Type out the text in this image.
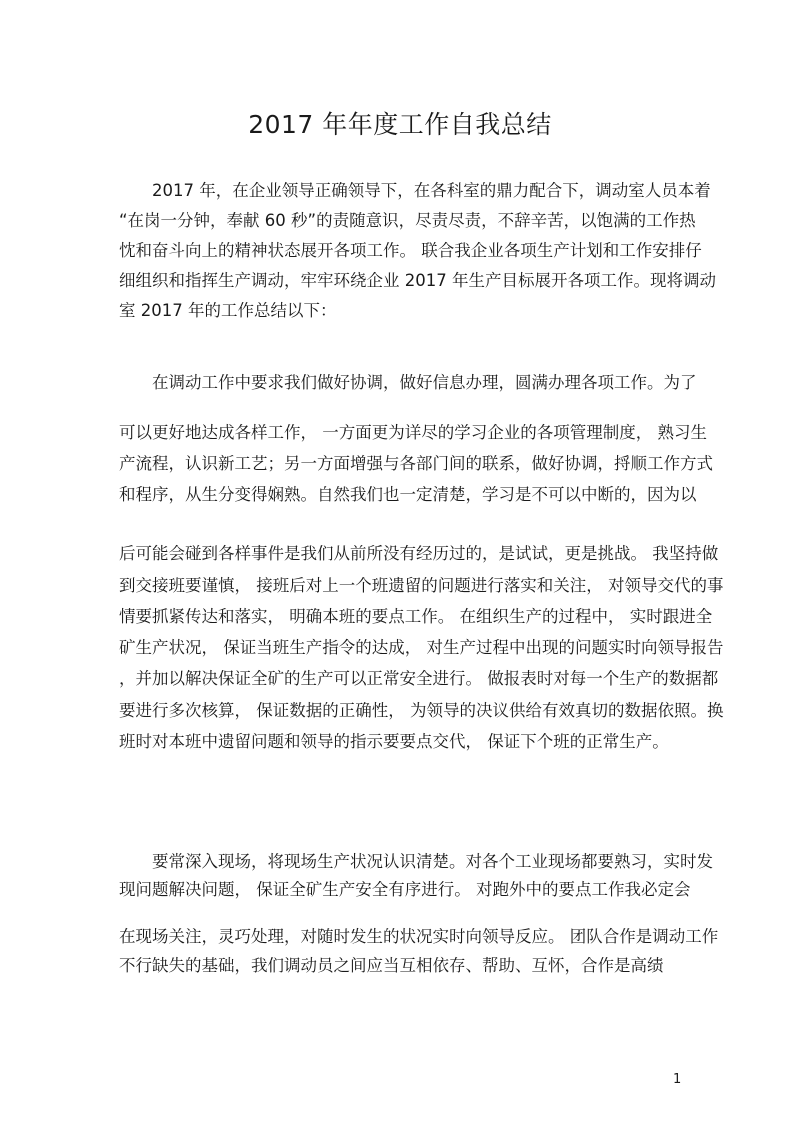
2017 年年度工作自我总结
2017 年，在企业领导正确领导下，在各科室的鼎力配合下，调动室人员本着
“在岗一分钟，奉献 60 秒”的责随意识，尽责尽责，不辞辛苦，以饱满的工作热
忱和奋斗向上的精神状态展开各项工作。 联合我企业各项生产计划和工作安排仔
细组织和指挥生产调动，牢牢环绕企业 2017 年生产目标展开各项工作。现将调动
室 2017 年的工作总结以下：
在调动工作中要求我们做好协调，做好信息办理，圆满办理各项工作。为了
可以更好地达成各样工作， 一方面更为详尽的学习企业的各项管理制度， 熟习生
产流程，认识新工艺；另一方面增强与各部门间的联系，做好协调，捋顺工作方式
和程序，从生分变得娴熟。自然我们也一定清楚，学习是不可以中断的，因为以
后可能会碰到各样事件是我们从前所没有经历过的，是试试，更是挑战。 我坚持做
到交接班要谨慎， 接班后对上一个班遗留的问题进行落实和关注， 对领导交代的事
情要抓紧传达和落实， 明确本班的要点工作。 在组织生产的过程中， 实时跟进全
矿生产状况， 保证当班生产指令的达成， 对生产过程中出现的问题实时向领导报告
，并加以解决保证全矿的生产可以正常安全进行。 做报表时对每一个生产的数据都
要进行多次核算， 保证数据的正确性， 为领导的决议供给有效真切的数据依照。换
班时对本班中遗留问题和领导的指示要要点交代， 保证下个班的正常生产。
要常深入现场，将现场生产状况认识清楚。对各个工业现场都要熟习，实时发
现问题解决问题， 保证全矿生产安全有序进行。 对跑外中的要点工作我必定会
在现场关注，灵巧处理，对随时发生的状况实时向领导反应。 团队合作是调动工作
不行缺失的基础，我们调动员之间应当互相依存、帮助、互怀，合作是高绩
1
